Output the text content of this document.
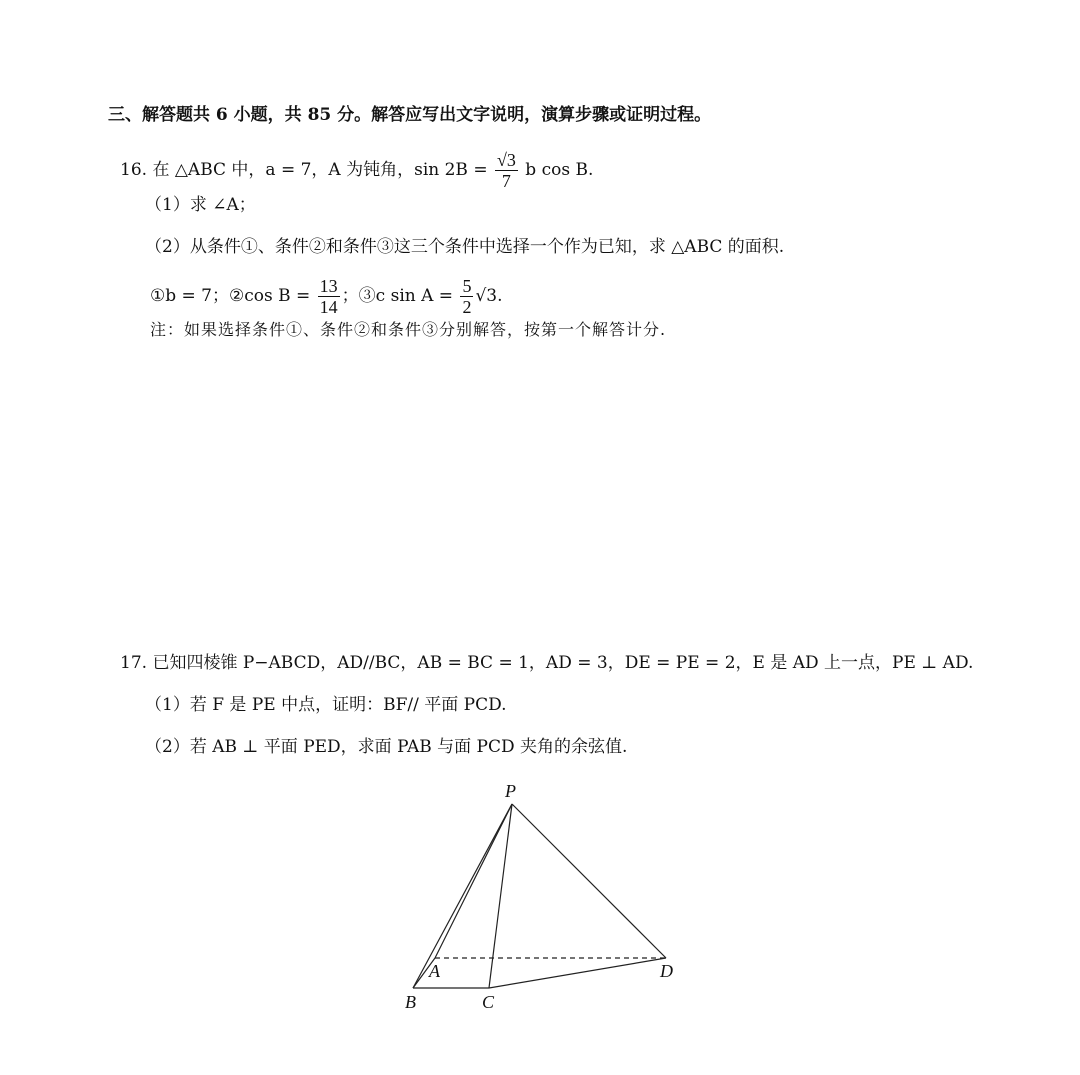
三、解答题共 6 小题，共 85 分。解答应写出文字说明，演算步骤或证明过程。
16. 在 △ABC 中，a = 7，A 为钝角，$\sin 2B = \frac{√3}{7}$ b cos B.
（1）求 ∠A；
（2）从条件①、条件②和条件③这三个条件中选择一个作为已知，求 △ABC 的面积.
①b = 7；②cos $B = \frac{13}{14}$ ；③c $\sin A = \frac{5}{2} √3$.
注：如果选择条件①、条件②和条件③分别解答，按第一个解答计分.
17. 已知四棱锥 P−ABCD，AD//BC，AB = BC = 1，AD = 3，DE = PE = 2，E 是 AD 上一点，PE ⊥ AD.
（1）若 F 是 PE 中点，证明：BF// 平面 PCD.
（2）若 AB ⊥ 平面 PED，求面 PAB 与面 PCD 夹角的余弦值.
P
A
B	C
D
